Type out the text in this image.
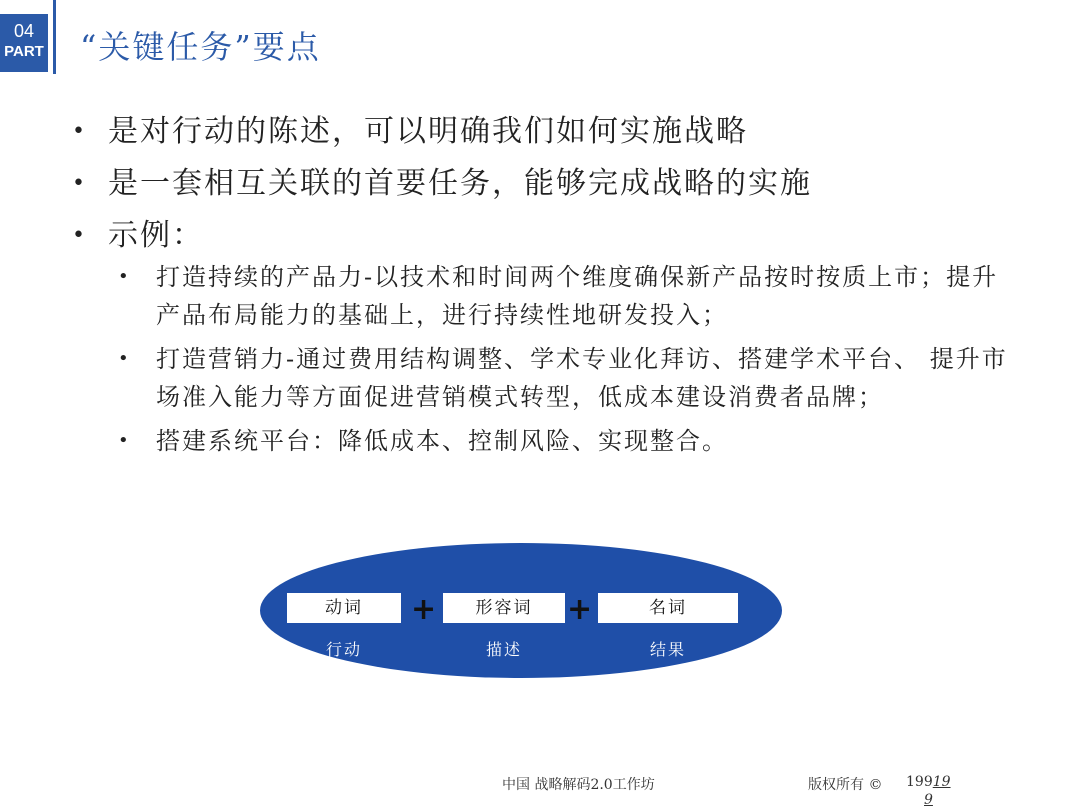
04
PART “关键任务”要点
• 是对行动的陈述，可以明确我们如何实施战略
• 是一套相互关联的首要任务，能够完成战略的实施
• 示例：
• 打造持续的产品力-以技术和时间两个维度确保新产品按时按质上市；提升产品布局能力的基础上，进行持续性地研发投入；
• 打造营销力-通过费用结构调整、学术专业化拜访、搭建学术平台、 提升市场准入能力等方面促进营销模式转型，低成本建设消费者品牌；
• 搭建系统平台：降低成本、控制风险、实现整合。
动词	+	形容词	+	名词
行动	描述	结果
中国 战略解码2.0工作坊	版权所有 © 19919
9
